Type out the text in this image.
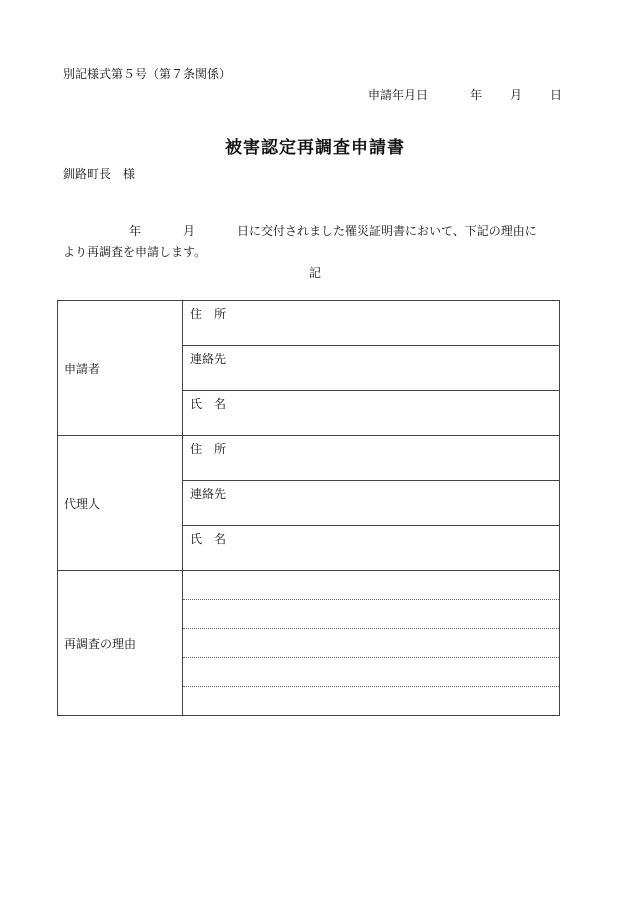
別記様式第５号（第７条関係）
申請年月日	年 月 日
被害認定再調査申請書
釧路町長　様
年	月	日に交付されました罹災証明書において、下記の理由に
より再調査を申請します。
記
申請者	住　所
	連絡先
	氏　名
代理人	住　所
	連絡先
	氏　名
再調査の理由	
